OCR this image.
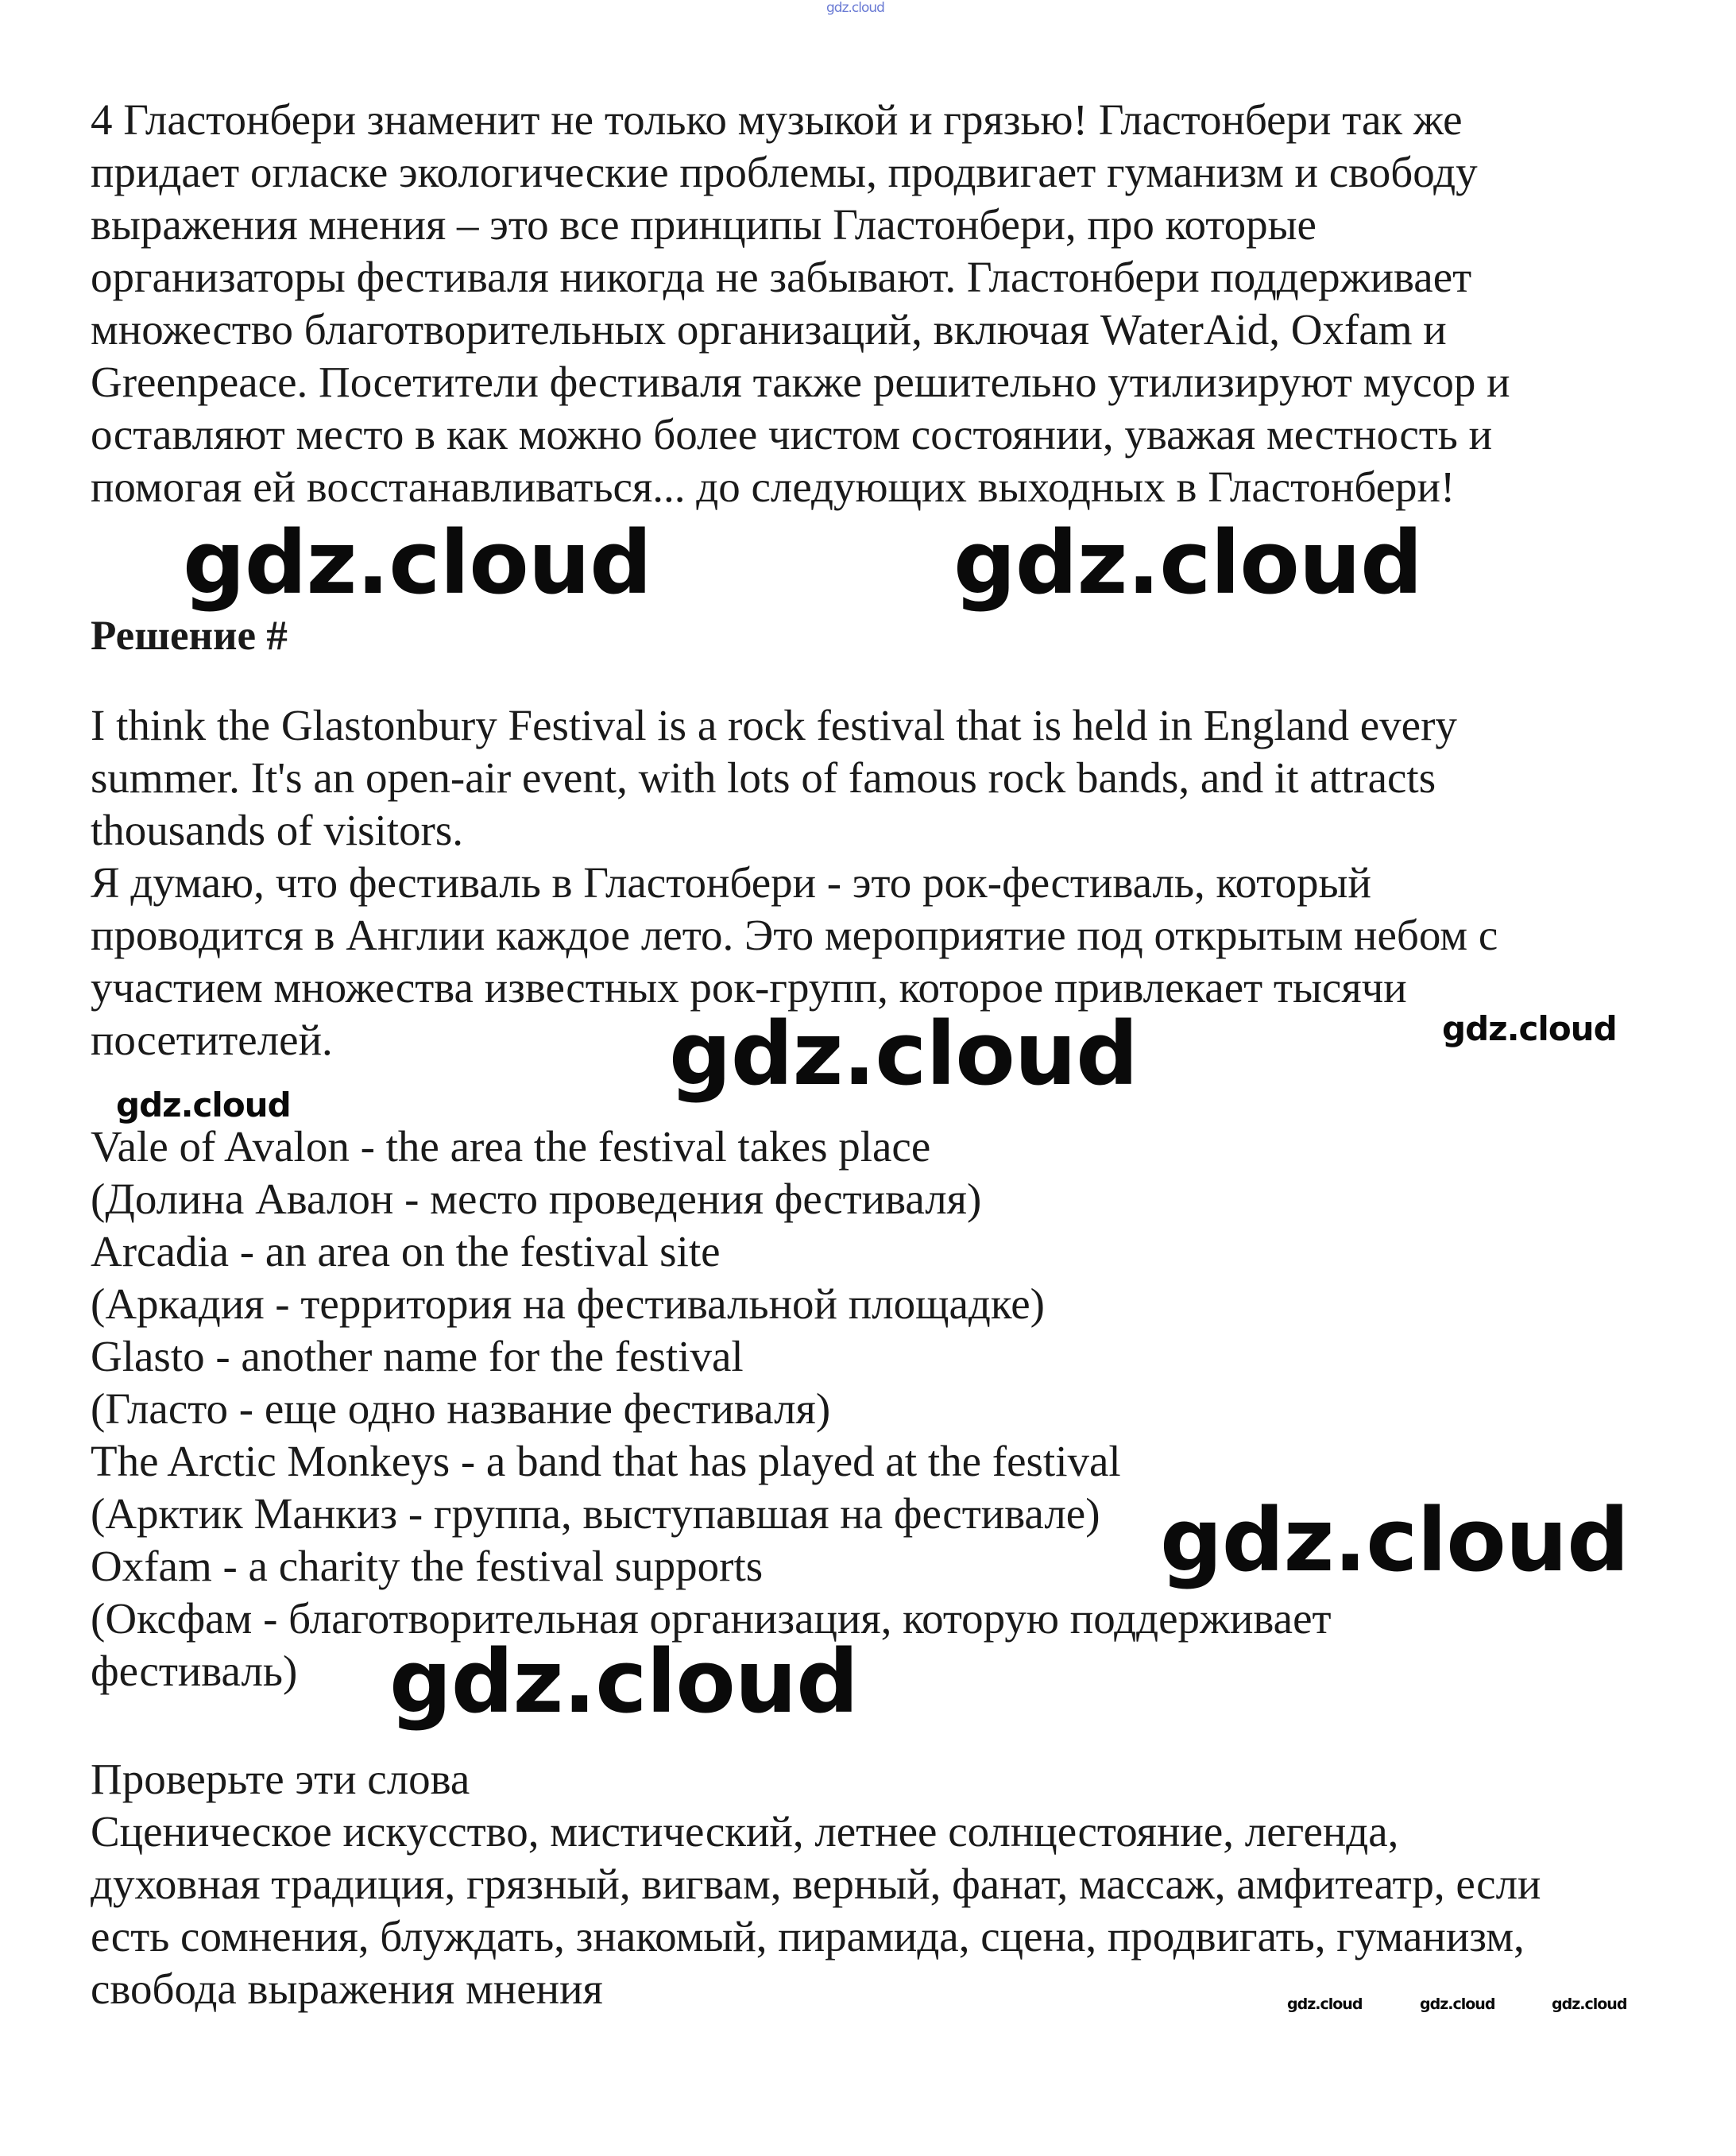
gdz.cloud
4 Гластонбери знаменит не только музыкой и грязью! Гластонбери так же
придает огласке экологические проблемы, продвигает гуманизм и свободу
выражения мнения – это все принципы Гластонбери, про которые
организаторы фестиваля никогда не забывают. Гластонбери поддерживает
множество благотворительных организаций, включая WaterAid, Oxfam и
Greenpeace. Посетители фестиваля также решительно утилизируют мусор и
оставляют место в как можно более чистом состоянии, уважая местность и
помогая ей восстанавливаться... до следующих выходных в Гластонбери!
gdz.cloud	gdz.cloud
Решение #
I think the Glastonbury Festival is a rock festival that is held in England every
summer. It's an open-air event, with lots of famous rock bands, and it attracts
thousands of visitors.
Я думаю, что фестиваль в Гластонбери - это рок-фестиваль, который
проводится в Англии каждое лето. Это мероприятие под открытым небом с
участием множества известных рок-групп, которое привлекает тысячи
посетителей.	gdz.cloud	gdz.cloud
gdz.cloud
Vale of Avalon - the area the festival takes place
(Долина Авалон - место проведения фестиваля)
Arcadia - an area on the festival site
(Аркадия - территория на фестивальной площадке)
Glasto - another name for the festival
(Гласто - еще одно название фестиваля)
The Arctic Monkeys - a band that has played at the festival
(Арктик Манкиз - группа, выступавшая на фестивале)
Oxfam - a charity the festival supports
(Оксфам - благотворительная организация, которую поддерживает
фестиваль)
gdz.cloud
gdz.cloud
Проверьте эти слова
Сценическое искусство, мистический, летнее солнцестояние, легенда,
духовная традиция, грязный, вигвам, верный, фанат, массаж, амфитеатр, если
есть сомнения, блуждать, знакомый, пирамида, сцена, продвигать, гуманизм,
свобода выражения мнения	gdz.cloud	gdz.cloud	gdz.cloud
